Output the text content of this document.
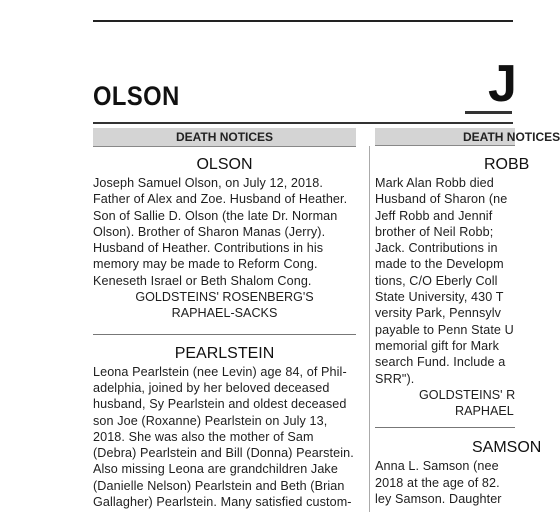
J
OLSON
DEATH NOTICES	DEATH NOTICES
OLSON
Joseph Samuel Olson, on July 12, 2018.
Father of Alex and Zoe. Husband of Heather.
Son of Sallie D. Olson (the late Dr. Norman
Olson). Brother of Sharon Manas (Jerry).
Husband of Heather. Contributions in his
memory may be made to Reform Cong.
Keneseth Israel or Beth Shalom Cong.
GOLDSTEINS' ROSENBERG'S
RAPHAEL-SACKS
PEARLSTEIN
Leona Pearlstein (nee Levin) age 84, of Phil-
adelphia, joined by her beloved deceased
husband, Sy Pearlstein and oldest deceased
son Joe (Roxanne) Pearlstein on July 13,
2018. She was also the mother of Sam
(Debra) Pearlstein and Bill (Donna) Pearstein.
Also missing Leona are grandchildren Jake
(Danielle Nelson) Pearlstein and Beth (Brian
Gallagher) Pearlstein. Many satisfied custom-
ROBB
Mark Alan Robb died
Husband of Sharon (ne
Jeff Robb and Jennif
brother of Neil Robb;
Jack. Contributions in
made to the Developm
tions, C/O Eberly Coll
State University, 430 T
versity Park, Pennsylv
payable to Penn State U
memorial gift for Mark
search Fund. Include a
SRR").
GOLDSTEINS' R
RAPHAEL
SAMSON
Anna L. Samson (nee
2018 at the age of 82.
ley Samson. Daughter
